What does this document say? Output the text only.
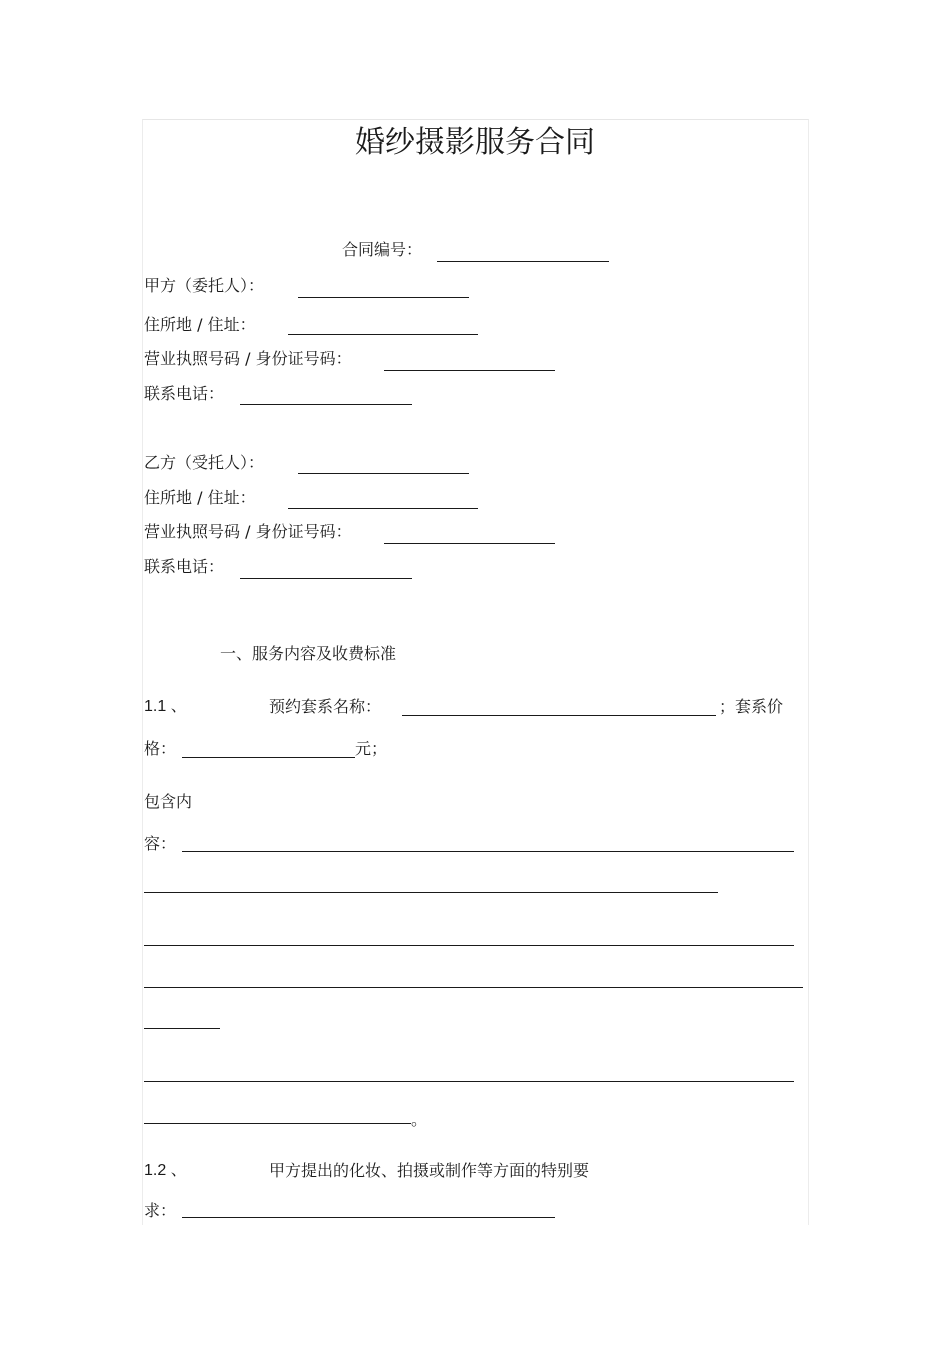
婚纱摄影服务合同
合同编号：
甲方（委托人）：
住所地 / 住址：
营业执照号码 / 身份证号码：
联系电话：
乙方（受托人）：
住所地 / 住址：
营业执照号码 / 身份证号码：
联系电话：
一、服务内容及收费标准
1.1 、	预约套系名称：	；套系价
格：	元；
包含内
容：
。
1.2 、	甲方提出的化妆、拍摄或制作等方面的特别要
求：
